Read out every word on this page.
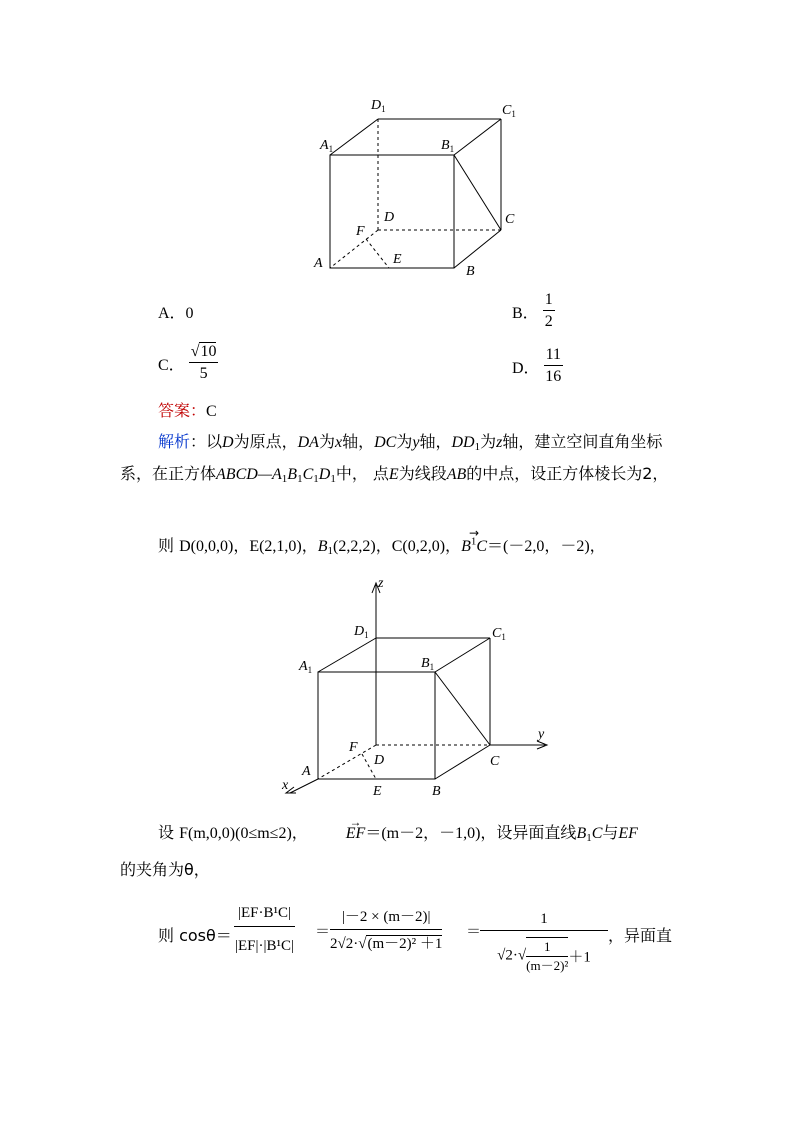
$D_1$	$C_1$
$A_1$	$B_1$
D	C
F
A	E
B
A．0	B． $\frac{1}{2}$
C． $\frac{√10}{5}$	D． $\frac{11}{16}$
答案：C
解析：以D为原点，DA为x轴，DC为y轴，$DD_1$为z轴，建立空间直角坐标系，在正方体$ABCD—A_1B_1C_1D_1$中， 点E为线段AB的中点，设正方体棱长为2，
则 D(0,0,0)，E(2,1,0)，$B_1(2,2,2)$，C(0,2,0)，→ $B^1C=(-2,0$，－2)，
z
y
x
$D_1$	$C_1$
$A_1$	$B_1$
F
D	C
A
E	B
设 F(m,0,0)(0≤m≤2)，→ EF＝(m－2，－1,0)，设异面直线$B_1C$与EF
的夹角为θ，
则 $\cos\theta= \frac{\text{|EF·B¹C|}}{\text{|EF|·|B¹C|}} = \frac{|-2 \times (m-2)|}{\text{2√2·√(m－2)² ＋1}}$ ＝
$\frac{1}{√2\cdot√ \frac{1}{\text{(m－2)²}} +1}$ ，异面直
